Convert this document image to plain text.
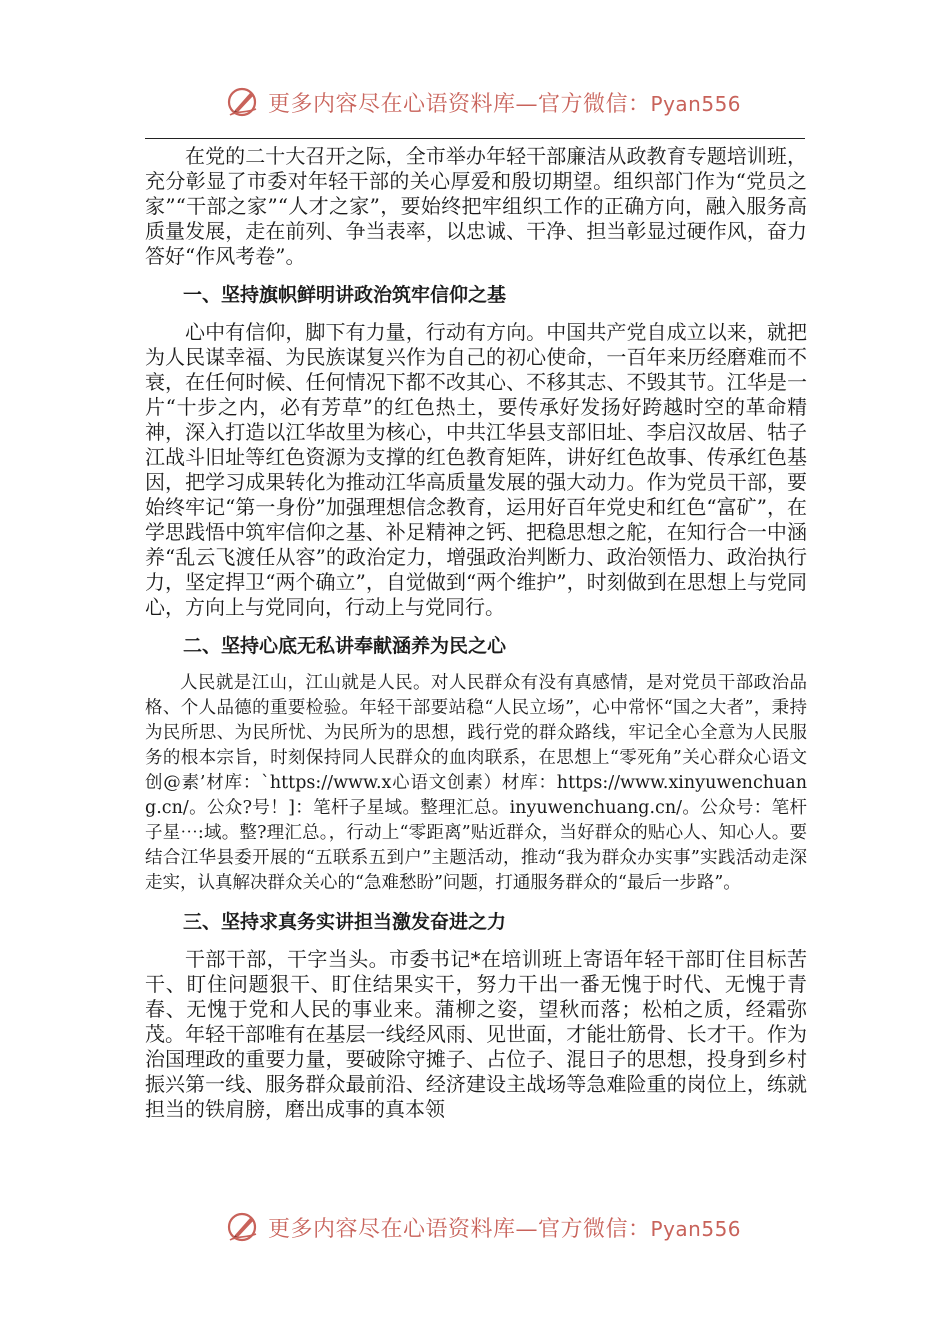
更多内容尽在心语资料库—官方微信：Pyan556

在党的二十大召开之际，全市举办年轻干部廉洁从政教育专题培训班，充分彰显了市委对年轻干部的关心厚爱和殷切期望。组织部门作为“党员之家”“干部之家”“人才之家”，要始终把牢组织工作的正确方向，融入服务高质量发展，走在前列、争当表率，以忠诚、干净、担当彰显过硬作风，奋力答好“作风考卷”。

一、坚持旗帜鲜明讲政治筑牢信仰之基

心中有信仰，脚下有力量，行动有方向。中国共产党自成立以来，就把为人民谋幸福、为民族谋复兴作为自己的初心使命，一百年来历经磨难而不衰，在任何时候、任何情况下都不改其心、不移其志、不毁其节。江华是一片“十步之内，必有芳草”的红色热土，要传承好发扬好跨越时空的革命精神，深入打造以江华故里为核心，中共江华县支部旧址、李启汉故居、牯子江战斗旧址等红色资源为支撑的红色教育矩阵，讲好红色故事、传承红色基因，把学习成果转化为推动江华高质量发展的强大动力。作为党员干部，要始终牢记“第一身份”加强理想信念教育，运用好百年党史和红色“富矿”，在学思践悟中筑牢信仰之基、补足精神之钙、把稳思想之舵，在知行合一中涵养“乱云飞渡任从容”的政治定力，增强政治判断力、政治领悟力、政治执行力，坚定捍卫“两个确立”，自觉做到“两个维护”，时刻做到在思想上与党同心，方向上与党同向，行动上与党同行。

二、坚持心底无私讲奉献涵养为民之心

人民就是江山，江山就是人民。对人民群众有没有真感情，是对党员干部政治品格、个人品德的重要检验。年轻干部要站稳“人民立场”，心中常怀“国之大者”，秉持为民所思、为民所忧、为民所为的思想，践行党的群众路线，牢记全心全意为人民服务的根本宗旨，时刻保持同人民群众的血肉联系，在思想上“零死角”关心群众心语文创@素’材库：`https://www.x心语文创素）材库：https://www.xinyuwenchuang.cn/。公众?号！]：笔杆子星域。整理汇总。inyuwenchuang.cn/。公众号：笔杆子星⋯:域。整?理汇总。，行动上“零距离”贴近群众，当好群众的贴心人、知心人。要结合江华县委开展的“五联系五到户”主题活动，推动“我为群众办实事”实践活动走深走实，认真解决群众关心的“急难愁盼”问题，打通服务群众的“最后一步路”。

三、坚持求真务实讲担当激发奋进之力

干部干部，干字当头。市委书记*在培训班上寄语年轻干部盯住目标苦干、盯住问题狠干、盯住结果实干，努力干出一番无愧于时代、无愧于青春、无愧于党和人民的事业来。蒲柳之姿，望秋而落；松柏之质，经霜弥茂。年轻干部唯有在基层一线经风雨、见世面，才能壮筋骨、长才干。作为治国理政的重要力量，要破除守摊子、占位子、混日子的思想，投身到乡村振兴第一线、服务群众最前沿、经济建设主战场等急难险重的岗位上，练就担当的铁肩膀，磨出成事的真本领

更多内容尽在心语资料库—官方微信：Pyan556
